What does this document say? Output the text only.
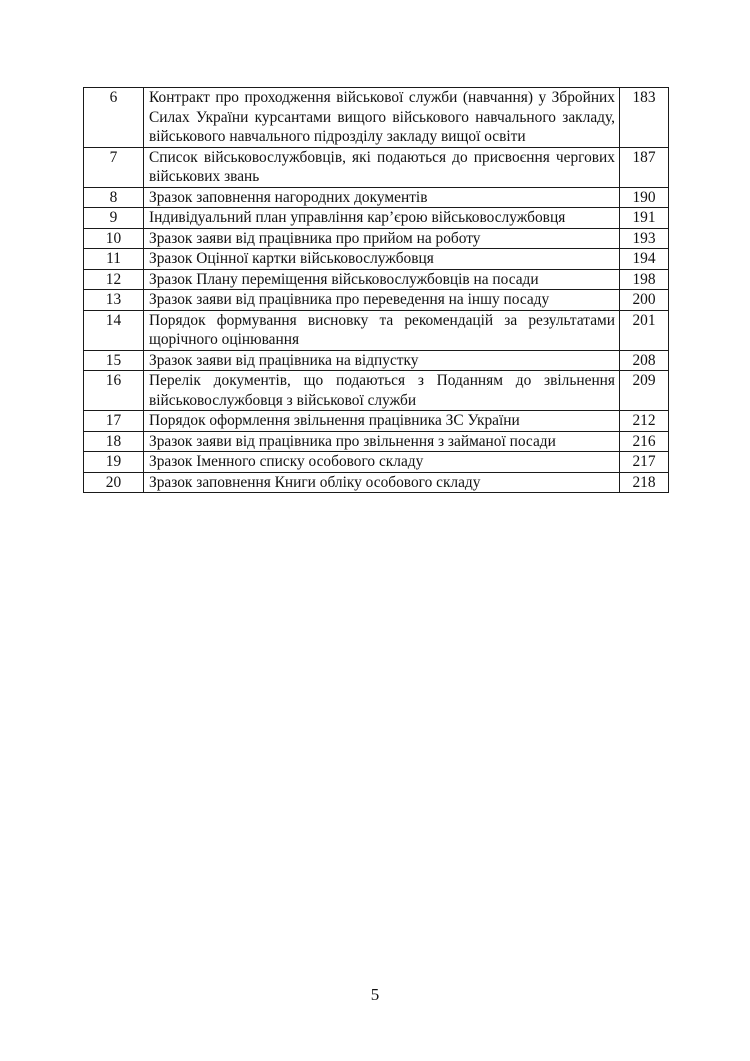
6	Контракт про проходження військової служби (навчання) у Збройних Силах України курсантами вищого військового навчального закладу, військового навчального підрозділу закладу вищої освіти	183
7	Список військовослужбовців, які подаються до присвоєння чергових військових звань	187
8	Зразок заповнення нагородних документів	190
9	Індивідуальний план управління кар’єрою військовослужбовця	191
10	Зразок заяви від працівника про прийом на роботу	193
11	Зразок Оцінної картки військовослужбовця	194
12	Зразок Плану переміщення військовослужбовців на посади	198
13	Зразок заяви від працівника про переведення на іншу посаду	200
14	Порядок формування висновку та рекомендацій за результатами щорічного оцінювання	201
15	Зразок заяви від працівника на відпустку	208
16	Перелік документів, що подаються з Поданням до звільнення військовослужбовця з військової служби	209
17	Порядок оформлення звільнення працівника ЗС України	212
18	Зразок заяви від працівника про звільнення з займаної посади	216
19	Зразок Іменного списку особового складу	217
20	Зразок заповнення Книги обліку особового складу	218
5
